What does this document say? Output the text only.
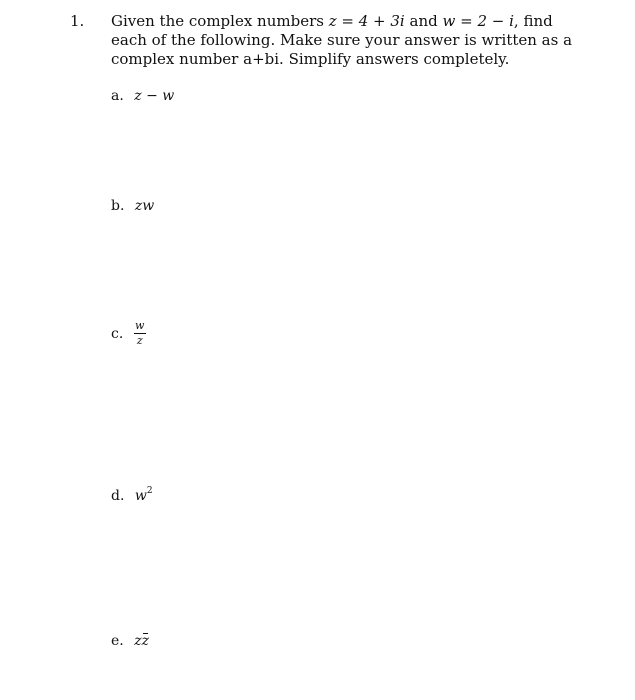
1. Given the complex numbers z = 4 + 3i and w = 2 − i, find each of the following. Make sure your answer is written as a complex number a+bi. Simplify answers completely.
a. z − w
b. zw
c. $\frac{w}{z}$
d. $w^2$
e. z
z
